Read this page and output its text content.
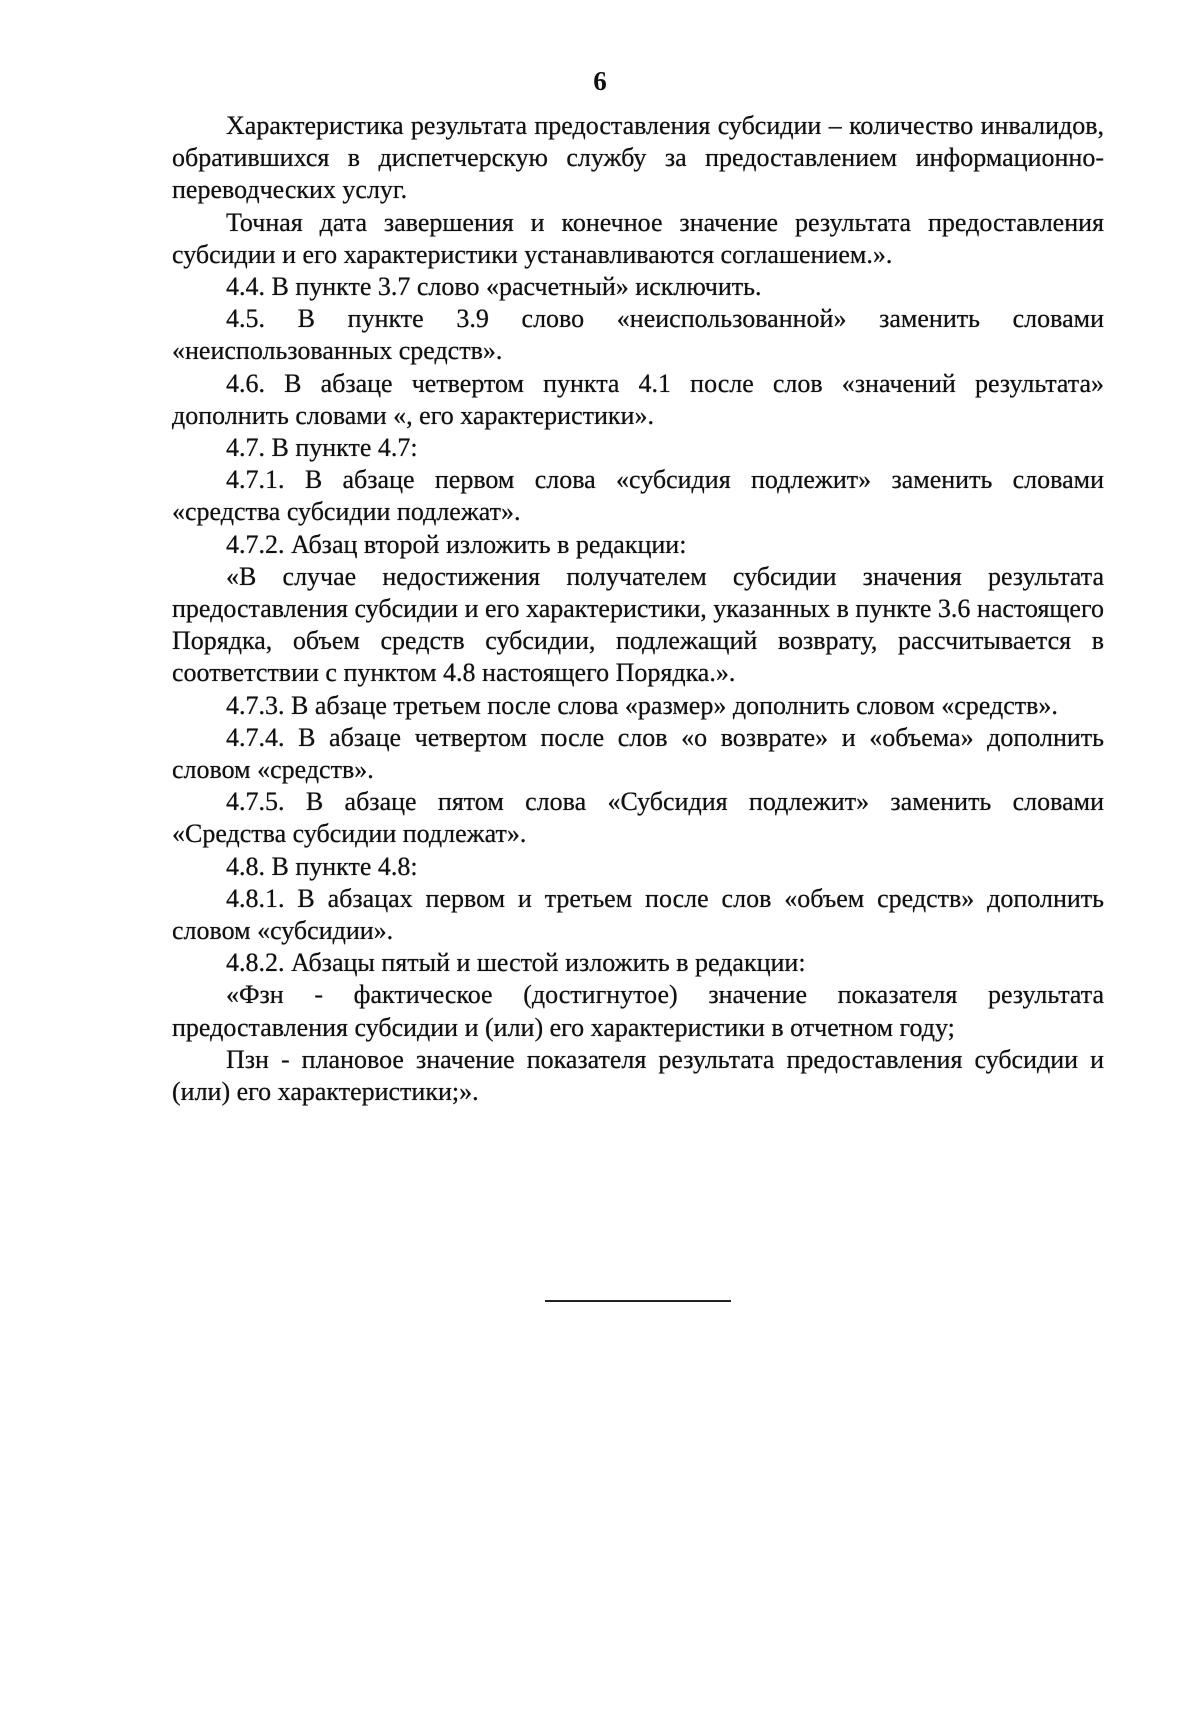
6

Характеристика результата предоставления субсидии – количество инвалидов, обратившихся в диспетчерскую службу за предоставлением информационно-переводческих услуг.

Точная дата завершения и конечное значение результата предоставления субсидии и его характеристики устанавливаются соглашением.».

4.4. В пункте 3.7 слово «расчетный» исключить.

4.5. В пункте 3.9 слово «неиспользованной» заменить словами «неиспользованных средств».

4.6. В абзаце четвертом пункта 4.1 после слов «значений результата» дополнить словами «, его характеристики».

4.7. В пункте 4.7:

4.7.1. В абзаце первом слова «субсидия подлежит» заменить словами «средства субсидии подлежат».

4.7.2. Абзац второй изложить в редакции:

«В случае недостижения получателем субсидии значения результата предоставления субсидии и его характеристики, указанных в пункте 3.6 настоящего Порядка, объем средств субсидии, подлежащий возврату, рассчитывается в соответствии с пунктом 4.8 настоящего Порядка.».

4.7.3. В абзаце третьем после слова «размер» дополнить словом «средств».

4.7.4. В абзаце четвертом после слов «о возврате» и «объема» дополнить словом «средств».

4.7.5. В абзаце пятом слова «Субсидия подлежит» заменить словами «Средства субсидии подлежат».

4.8. В пункте 4.8:

4.8.1. В абзацах первом и третьем после слов «объем средств» дополнить словом «субсидии».

4.8.2. Абзацы пятый и шестой изложить в редакции:

«Фзн - фактическое (достигнутое) значение показателя результата предоставления субсидии и (или) его характеристики в отчетном году;

Пзн - плановое значение показателя результата предоставления субсидии и (или) его характеристики;».
